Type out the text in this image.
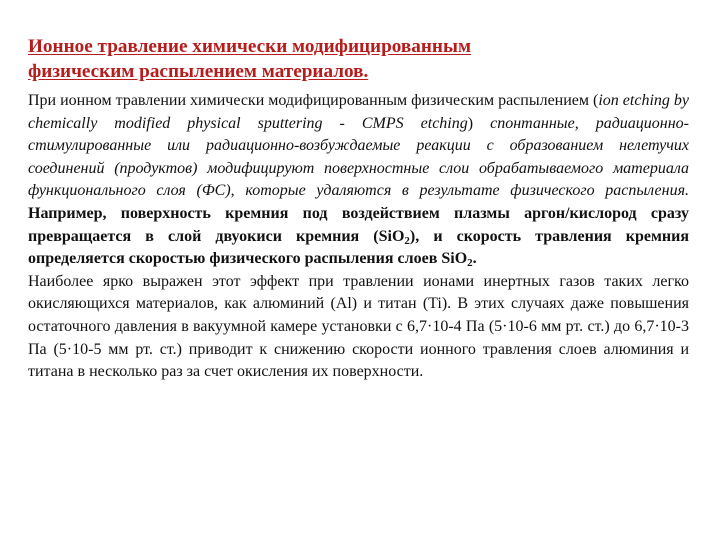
Ионное травление химически модифицированным
физическим распылением материалов.

При ионном травлении химически модифицированным физическим распылением (ion etching by chemically modified physical sputtering - CMPS etching) спонтанные, радиационно-стимулированные или радиационно-возбуждаемые реакции с образованием нелетучих соединений (продуктов) модифицируют поверхностные слои обрабатываемого материала функционального слоя (ФС), которые удаляются в результате физического распыления. Например, поверхность кремния под воздействием плазмы аргон/кислород сразу превращается в слой двуокиси кремния (SiO$_2$), и скорость травления кремния определяется скоростью физического распыления слоев SiO$_2$.

Наиболее ярко выражен этот эффект при травлении ионами инертных газов таких легко окисляющихся материалов, как алюминий (Al) и титан (Ti). В этих случаях даже повышения остаточного давления в вакуумной камере установки с 6,7·10-4 Па (5·10-6 мм рт. ст.) до 6,7·10-3 Па (5·10-5 мм рт. ст.) приводит к снижению скорости ионного травления слоев алюминия и титана в несколько раз за счет окисления их поверхности.
